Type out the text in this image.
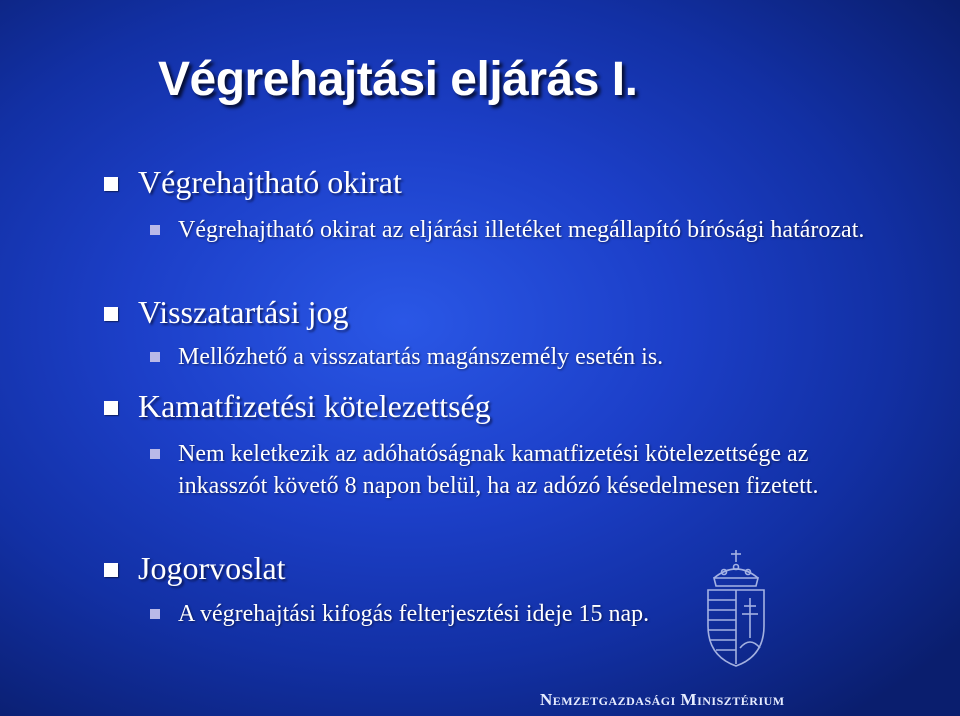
Végrehajtási eljárás I.
Végrehajtható okirat
Végrehajtható okirat az eljárási illetéket megállapító bírósági határozat.
Visszatartási jog
Mellőzhető a visszatartás magánszemély esetén is.
Kamatfizetési kötelezettség
Nem keletkezik az adóhatóságnak kamatfizetési kötelezettsége az inkasszót követő 8 napon belül, ha az adózó késedelmesen fizetett.
Jogorvoslat
A végrehajtási kifogás felterjesztési ideje 15 nap.
Nemzetgazdasági Minisztérium
